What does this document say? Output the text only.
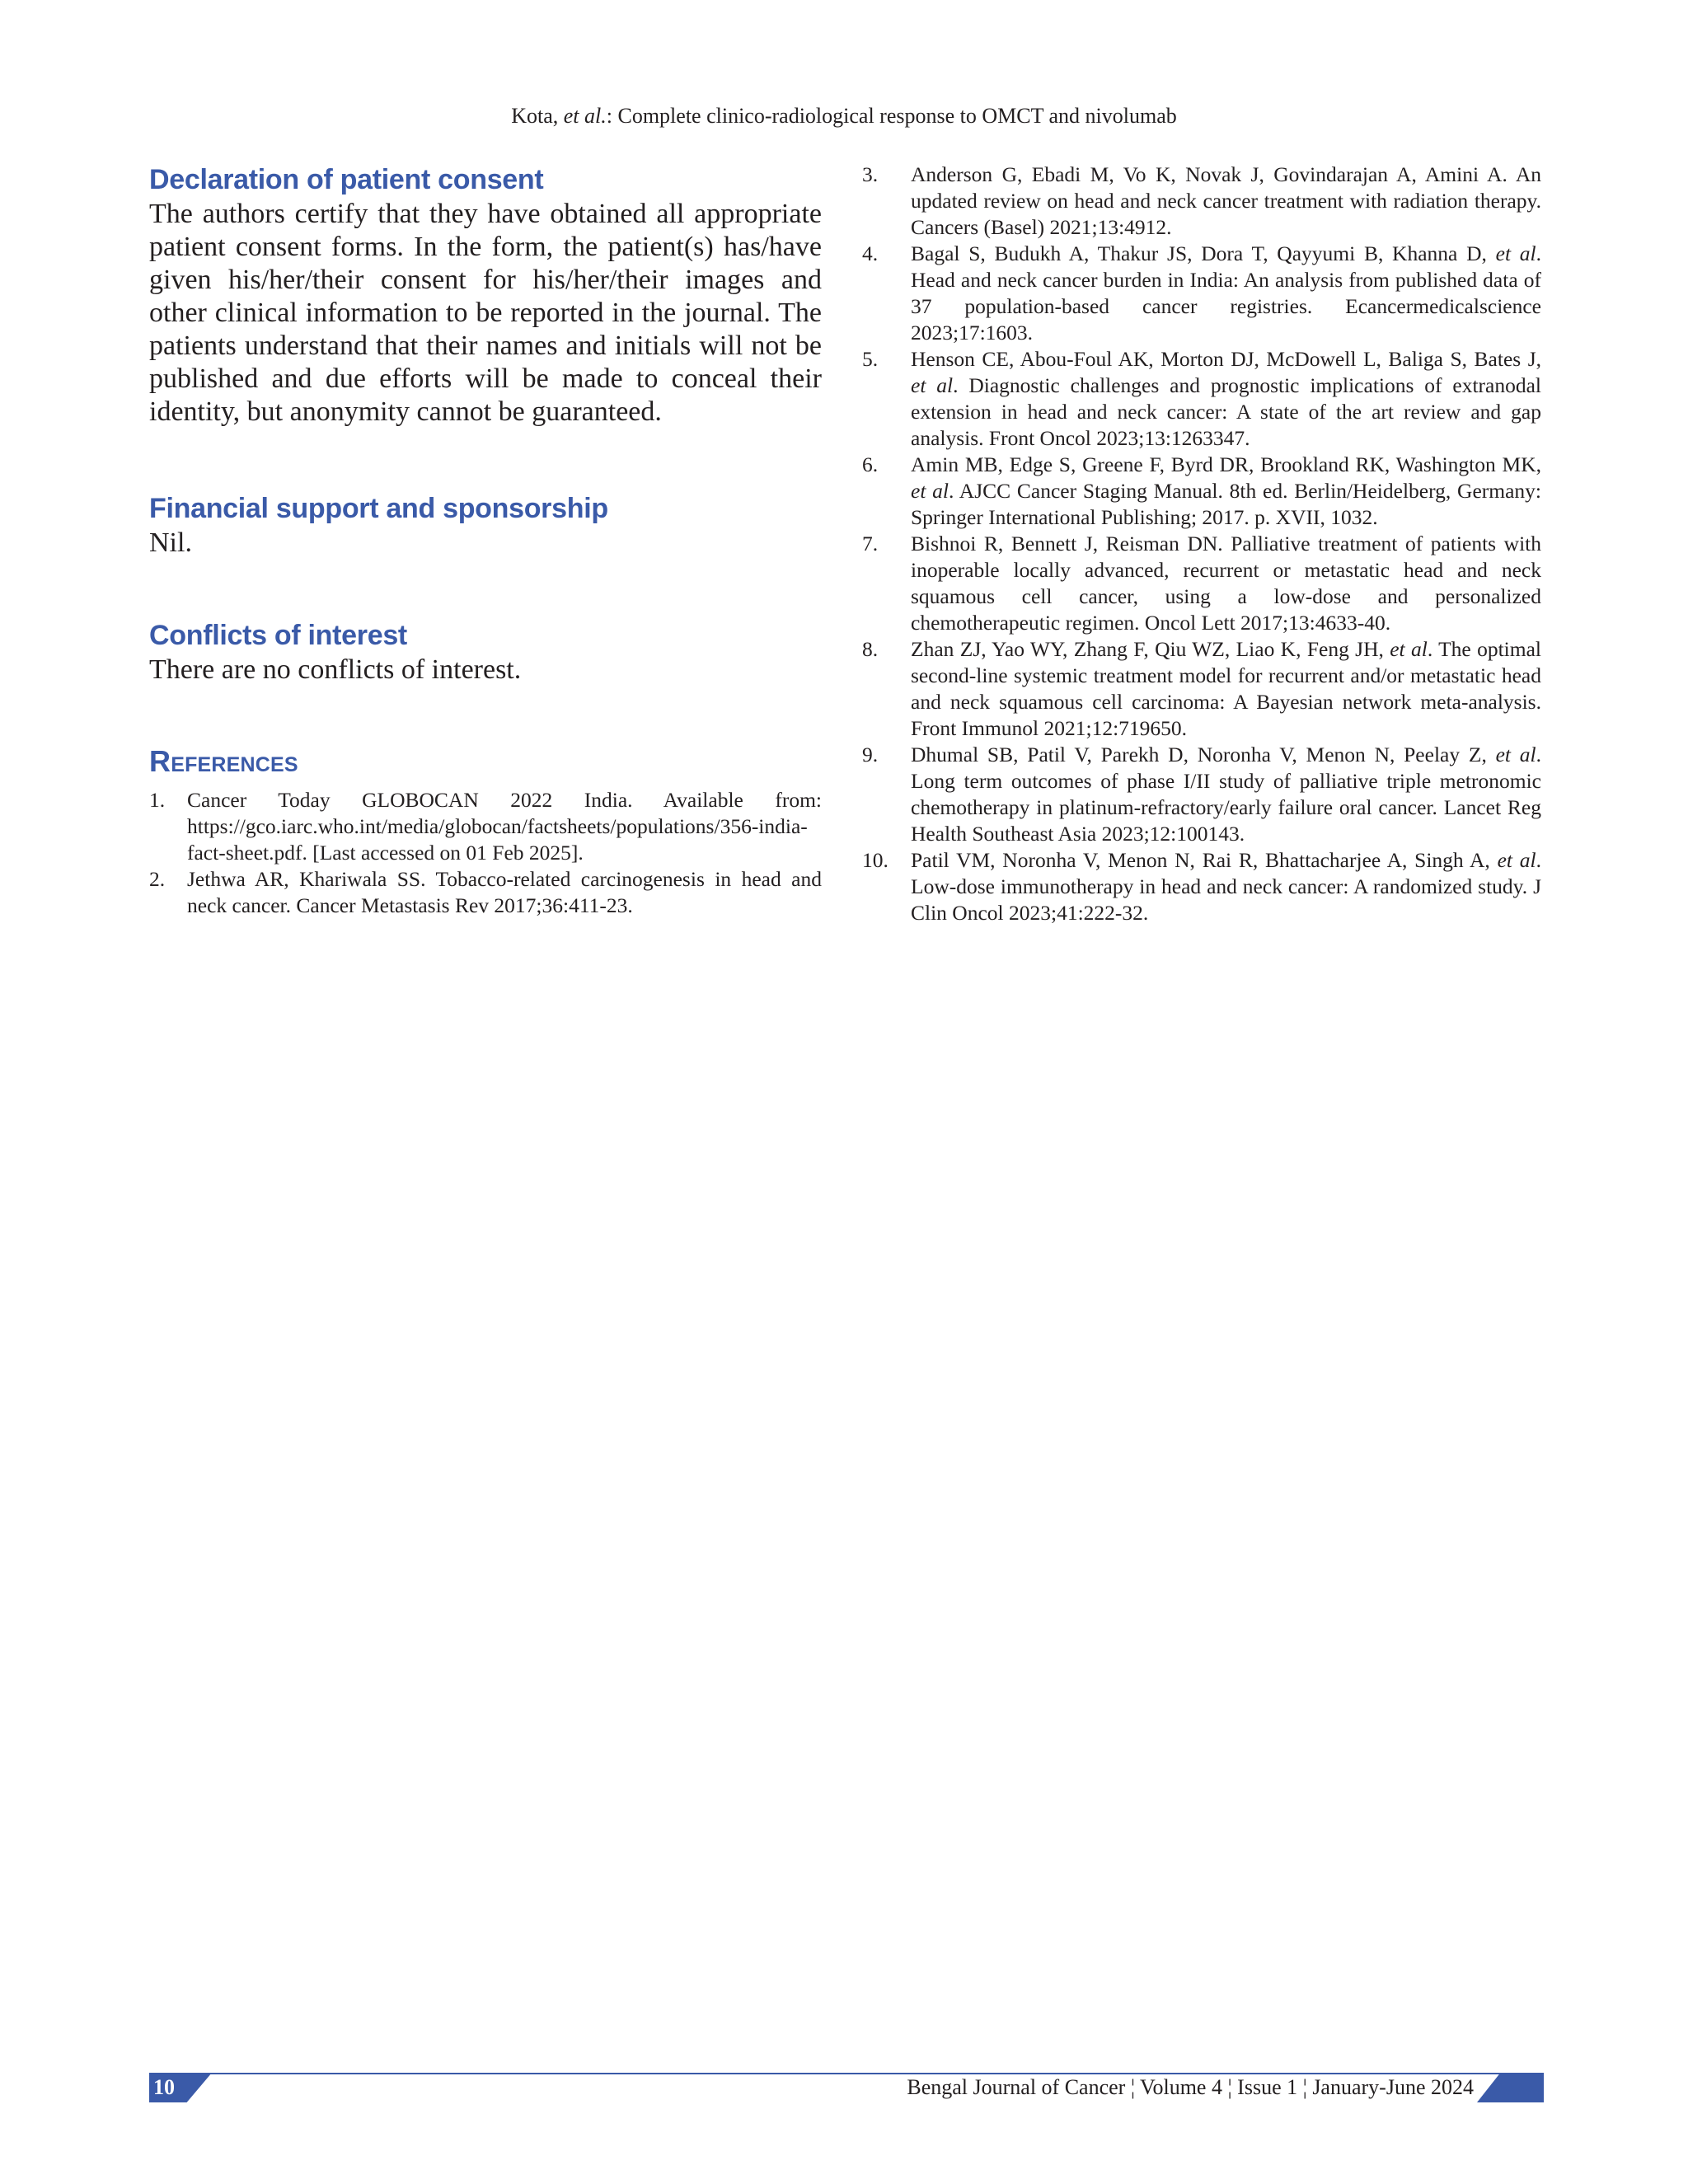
Kota, et al.: Complete clinico-radiological response to OMCT and nivolumab
Declaration of patient consent

The authors certify that they have obtained all appropriate patient consent forms. In the form, the patient(s) has/have given his/her/their consent for his/her/their images and other clinical information to be reported in the journal. The patients understand that their names and initials will not be published and due efforts will be made to conceal their identity, but anonymity cannot be guaranteed.

Financial support and sponsorship

Nil.

Conflicts of interest

There are no conflicts of interest.

References
1. Cancer Today GLOBOCAN 2022 India. Available from: https://gco.iarc.who.int/media/globocan/factsheets/populations/356-india-fact-sheet.pdf. [Last accessed on 01 Feb 2025].
2. Jethwa AR, Khariwala SS. Tobacco-related carcinogenesis in head and neck cancer. Cancer Metastasis Rev 2017;36:411-23.
3. Anderson G, Ebadi M, Vo K, Novak J, Govindarajan A, Amini A. An updated review on head and neck cancer treatment with radiation therapy. Cancers (Basel) 2021;13:4912.
4. Bagal S, Budukh A, Thakur JS, Dora T, Qayyumi B, Khanna D, et al. Head and neck cancer burden in India: An analysis from published data of 37 population-based cancer registries. Ecancermedicalscience 2023;17:1603.
5. Henson CE, Abou-Foul AK, Morton DJ, McDowell L, Baliga S, Bates J, et al. Diagnostic challenges and prognostic implications of extranodal extension in head and neck cancer: A state of the art review and gap analysis. Front Oncol 2023;13:1263347.
6. Amin MB, Edge S, Greene F, Byrd DR, Brookland RK, Washington MK, et al. AJCC Cancer Staging Manual. 8th ed. Berlin/Heidelberg, Germany: Springer International Publishing; 2017. p. XVII, 1032.
7. Bishnoi R, Bennett J, Reisman DN. Palliative treatment of patients with inoperable locally advanced, recurrent or metastatic head and neck squamous cell cancer, using a low-dose and personalized chemotherapeutic regimen. Oncol Lett 2017;13:4633-40.
8. Zhan ZJ, Yao WY, Zhang F, Qiu WZ, Liao K, Feng JH, et al. The optimal second-line systemic treatment model for recurrent and/or metastatic head and neck squamous cell carcinoma: A Bayesian network meta-analysis. Front Immunol 2021;12:719650.
9. Dhumal SB, Patil V, Parekh D, Noronha V, Menon N, Peelay Z, et al. Long term outcomes of phase I/II study of palliative triple metronomic chemotherapy in platinum-refractory/early failure oral cancer. Lancet Reg Health Southeast Asia 2023;12:100143.
10. Patil VM, Noronha V, Menon N, Rai R, Bhattacharjee A, Singh A, et al. Low-dose immunotherapy in head and neck cancer: A randomized study. J Clin Oncol 2023;41:222-32.
10	Bengal Journal of Cancer ¦ Volume 4 ¦ Issue 1 ¦ January-June 2024
